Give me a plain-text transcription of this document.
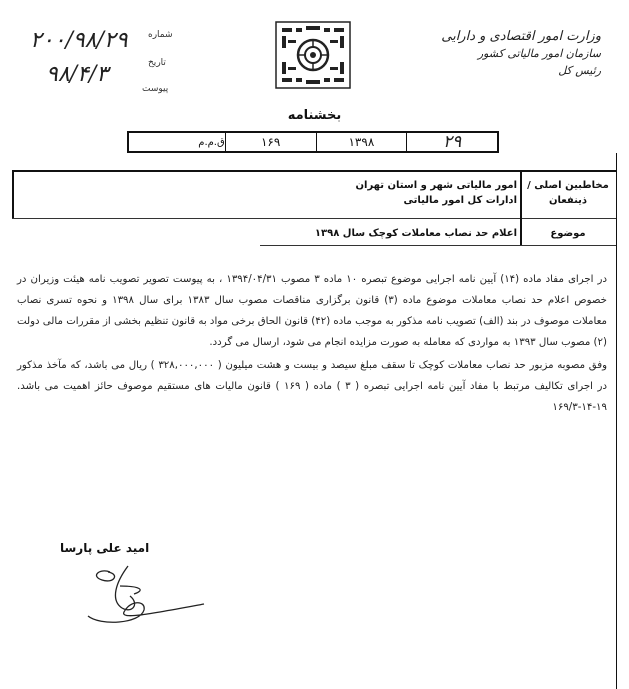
۲۰۰/۹۸/۲۹
۹۸/۴/۳
شماره
تاریخ
پیوست
وزارت امور اقتصادی و دارایی
سازمان امور مالیاتی کشور
رئیس کل
بخشنامه
۲۹
۱۳۹۸
۱۶۹
ق.م.م
مخاطبین اصلی /
ذینفعان
امور مالیاتی شهر و استان تهران
ادارات کل امور مالیاتی
موضوع
اعلام حد نصاب معاملات کوچک سال ۱۳۹۸

در اجرای مفاد ماده (۱۴) آیین نامه اجرایی موضوع تبصره ۱۰ ماده ۳ مصوب ۱۳۹۴/۰۴/۳۱ ، به پیوست تصویر تصویب نامه هیئت وزیران در خصوص اعلام حد نصاب معاملات موضوع ماده (۳) قانون برگزاری مناقصات مصوب سال ۱۳۸۳ برای سال ۱۳۹۸ و نحوه تسری نصاب معاملات موصوف در بند (الف) تصویب نامه مذکور به موجب ماده (۴۲) قانون الحاق برخی مواد به قانون تنظیم بخشی از مقررات مالی دولت (۲) مصوب سال ۱۳۹۳ به مواردی که معامله به صورت مزایده انجام می شود، ارسال می گردد.

وفق مصوبه مزبور حد نصاب معاملات کوچک تا سقف مبلغ سیصد و بیست و هشت میلیون ( ۳۲۸,۰۰۰,۰۰۰ ) ریال می باشد، که مآخذ مذکور در اجرای تکالیف مرتبط با مفاد آیین نامه اجرایی تبصره ( ۳ ) ماده ( ۱۶۹ ) قانون مالیات های مستقیم موصوف حائز اهمیت می باشد. ۱۹-۱۴-۱۶۹/۳

امید علی پارسا
